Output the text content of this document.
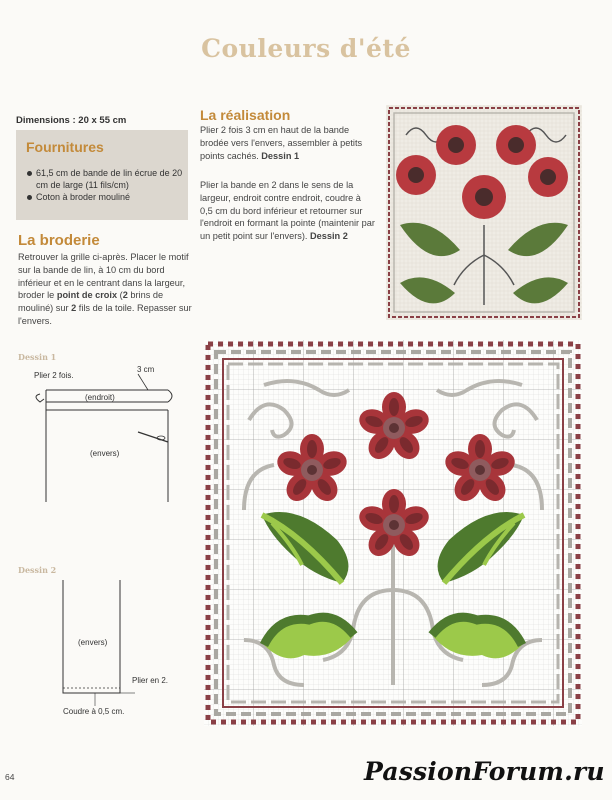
Couleurs d'été
Dimensions : 20 x 55 cm
Fournitures
61,5 cm de bande de lin écrue de 20 cm de large (11 fils/cm)
Coton à broder mouliné
La broderie
Retrouver la grille ci-après. Placer le motif sur la bande de lin, à 10 cm du bord inférieur et en le centrant dans la largeur, broder le point de croix (2 brins de mouliné) sur 2 fils de la toile. Repasser sur l'envers.
La réalisation
Plier 2 fois 3 cm en haut de la bande brodée vers l'envers, assembler à petits points cachés. Dessin 1
Plier la bande en 2 dans le sens de la largeur, endroit contre endroit, coudre à 0,5 cm du bord inférieur et retourner sur l'endroit en formant la pointe (maintenir par un petit point sur l'envers). Dessin 2
Dessin 1
Plier 2 fois.
3 cm
(endroit)
(envers)
Dessin 2
(envers)
Plier en 2.
Coudre à 0,5 cm.
64	PassionForum.ru
